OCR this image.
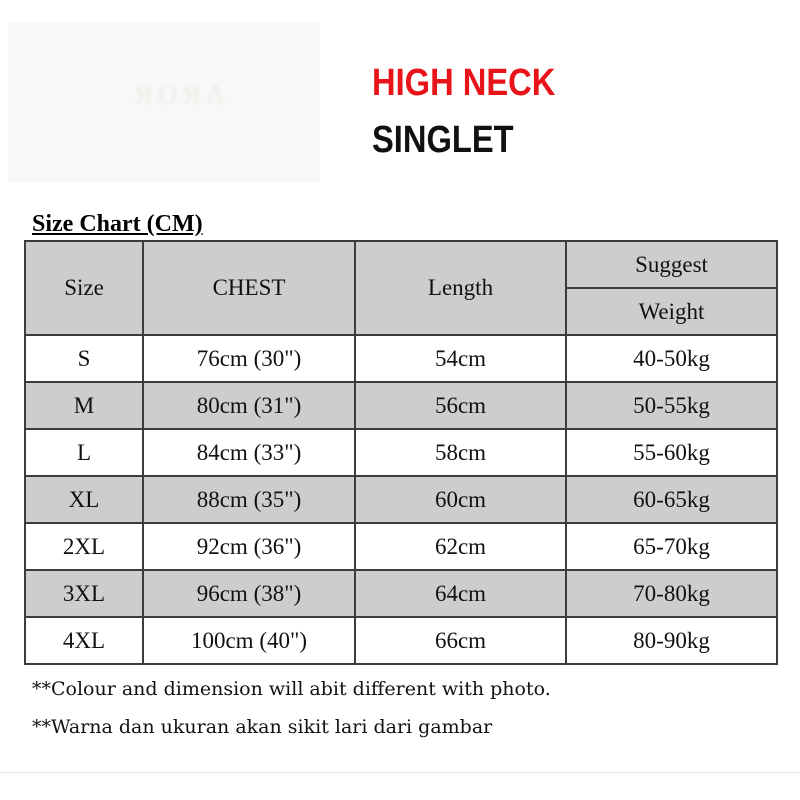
ЯOЯΛ	HIGH NECK
SINGLET
Size Chart (CM)
Size	CHEST	Length	Suggest
			Weight
S	76cm (30")	54cm	40-50kg
M	80cm (31")	56cm	50-55kg
L	84cm (33")	58cm	55-60kg
XL	88cm (35")	60cm	60-65kg
2XL	92cm (36")	62cm	65-70kg
3XL	96cm (38")	64cm	70-80kg
4XL	100cm (40")	66cm	80-90kg
**Colour and dimension will abit different with photo.
**Warna dan ukuran akan sikit lari dari gambar
